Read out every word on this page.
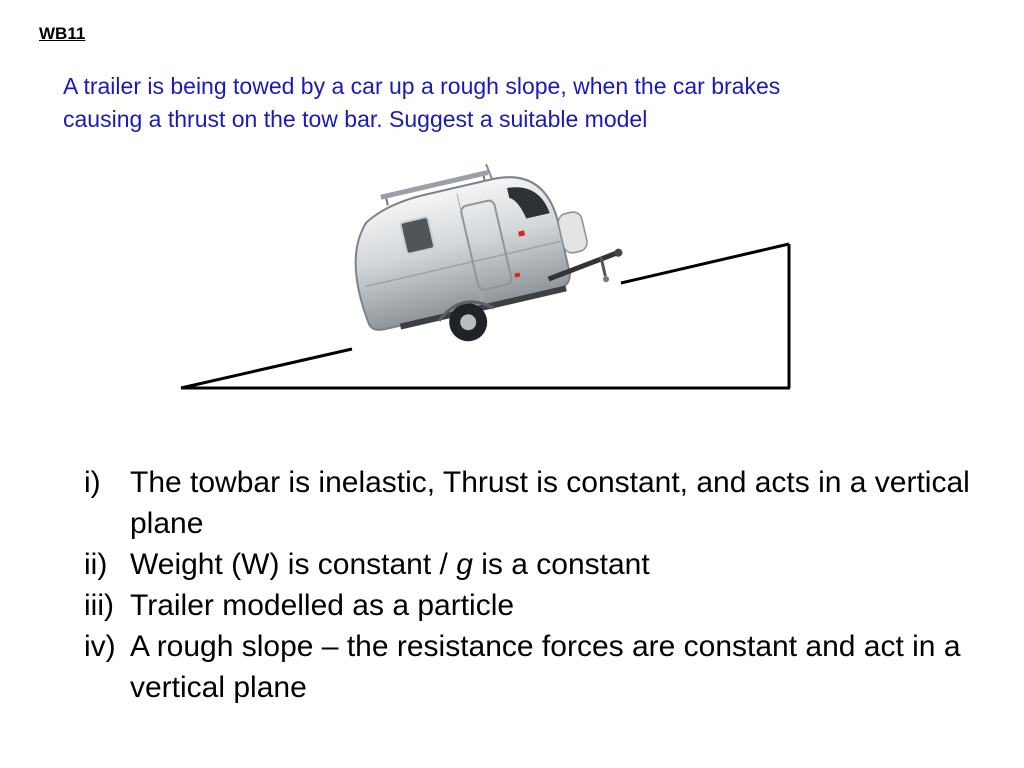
WB11
A trailer is being towed by a car up a rough slope, when the car brakes
causing a thrust on the tow bar. Suggest a suitable model
i) The towbar is inelastic, Thrust is constant, and acts in a vertical plane
ii) Weight (W) is constant / g is a constant
iii) Trailer modelled as a particle
iv) A rough slope – the resistance forces are constant and act in a vertical plane
